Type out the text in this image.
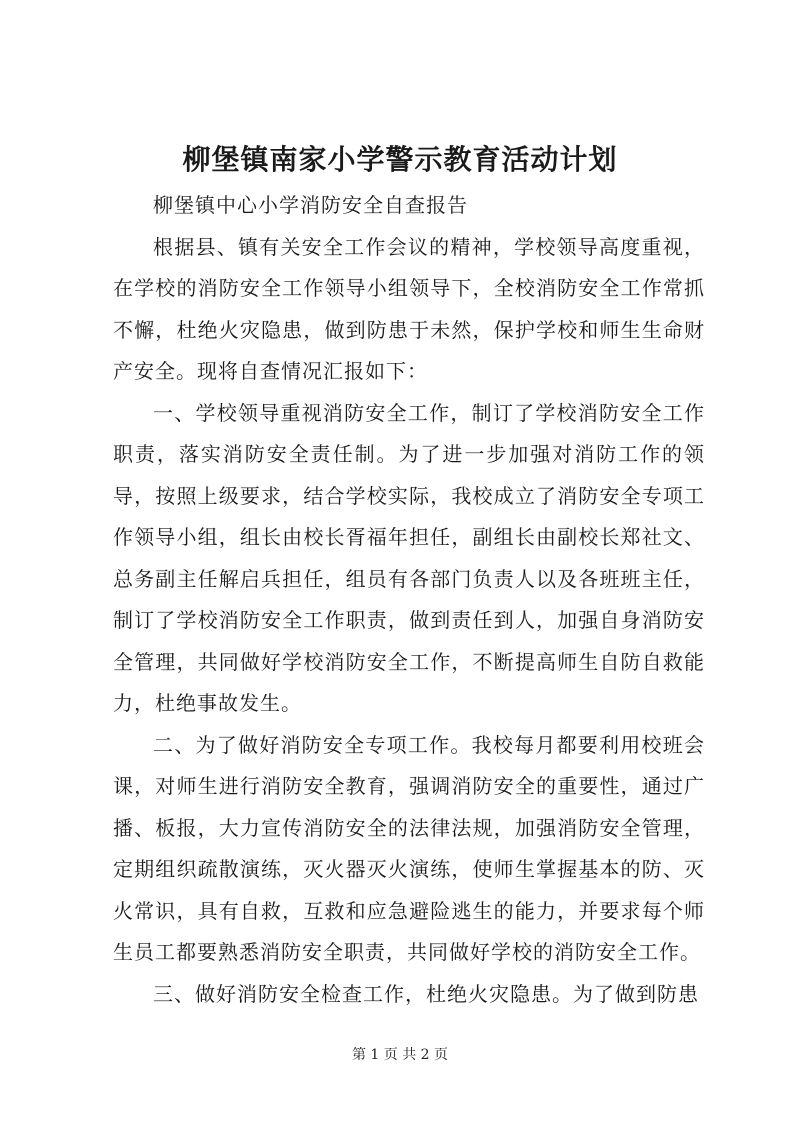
柳堡镇南家小学警示教育活动计划

柳堡镇中心小学消防安全自查报告

根据县、镇有关安全工作会议的精神，学校领导高度重视，在学校的消防安全工作领导小组领导下，全校消防安全工作常抓不懈，杜绝火灾隐患，做到防患于未然，保护学校和师生生命财产安全。现将自查情况汇报如下：

一、学校领导重视消防安全工作，制订了学校消防安全工作职责，落实消防安全责任制。为了进一步加强对消防工作的领导，按照上级要求，结合学校实际，我校成立了消防安全专项工作领导小组，组长由校长胥福年担任，副组长由副校长郑社文、总务副主任解启兵担任，组员有各部门负责人以及各班班主任，制订了学校消防安全工作职责，做到责任到人，加强自身消防安全管理，共同做好学校消防安全工作，不断提高师生自防自救能力，杜绝事故发生。

二、为了做好消防安全专项工作。我校每月都要利用校班会课，对师生进行消防安全教育，强调消防安全的重要性，通过广播、板报，大力宣传消防安全的法律法规，加强消防安全管理，定期组织疏散演练，灭火器灭火演练，使师生掌握基本的防、灭火常识，具有自救，互救和应急避险逃生的能力，并要求每个师生员工都要熟悉消防安全职责，共同做好学校的消防安全工作。

三、做好消防安全检查工作，杜绝火灾隐患。为了做到防患

第 1 页 共 2 页
